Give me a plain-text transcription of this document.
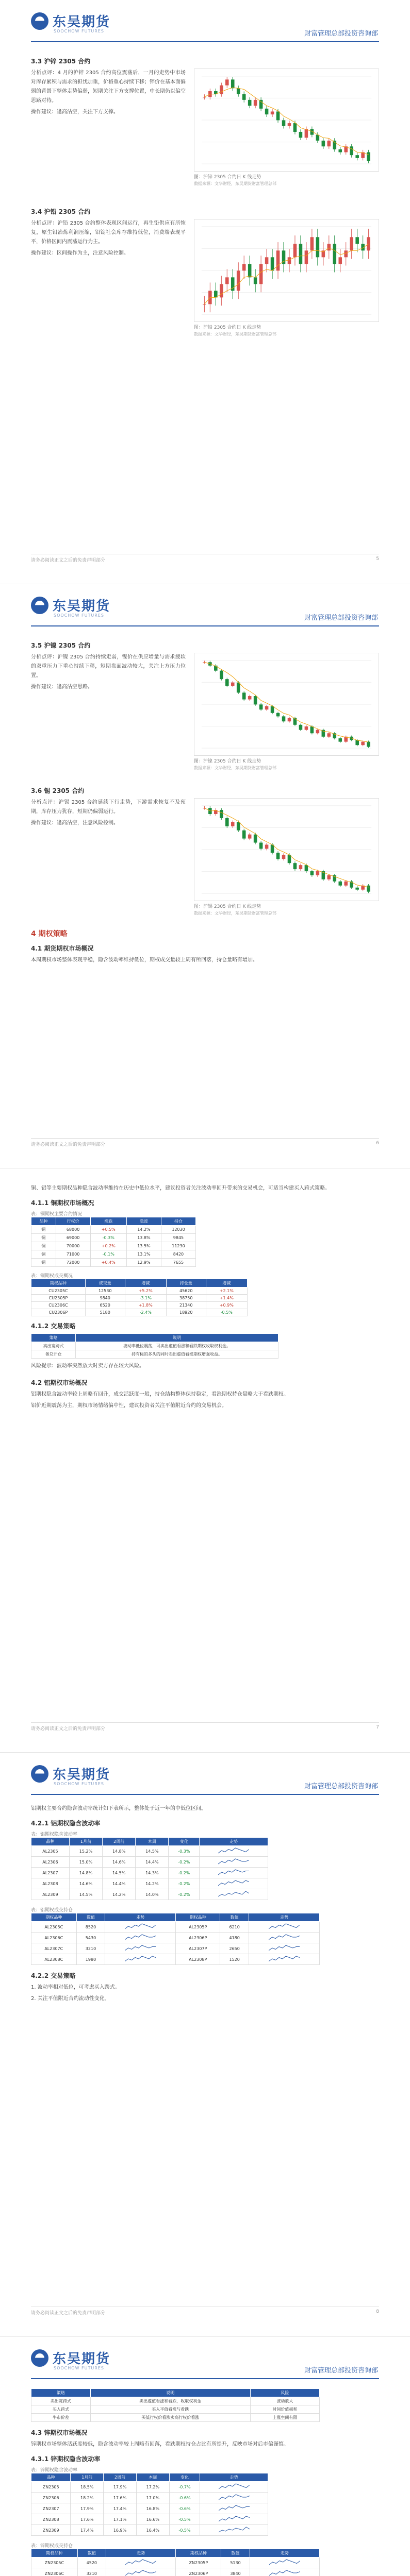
东吴期货
SOOCHOW FUTURES	财富管理总部投资咨询部
3.3 沪锌 2305 合约

分析点评：4 月的沪锌 2305 合约高位震荡后，一月的走势中市场对库存累积与需求的担忧加重，价格重心持续下移；锌价在基本面偏弱的背景下整体走势偏弱，短期关注下方支撑位置，中长期仍以偏空思路对待。

操作建议：逢高沽空，关注下方支撑。

图：沪锌 2305 合约日 K 线走势
数据来源：文华财经，东吴期货财富管理总部
3.4 沪铅 2305 合约

分析点评：沪铅 2305 合约整体表现区间运行，再生铅供应有所恢复，原生铅冶炼利润压缩，铅锭社会库存维持低位，消费端表现平平，价格区间内震荡运行为主。

操作建议：区间操作为主，注意风险控制。

图：沪铅 2305 合约日 K 线走势
数据来源：文华财经，东吴期货财富管理总部
请务必阅读正文之后的免责声明部分	5
东吴期货
SOOCHOW FUTURES	财富管理总部投资咨询部
3.5 沪镍 2305 合约

分析点评：沪镍 2305 合约持续走弱，镍价在供应增量与需求疲软的双重压力下重心持续下移，短期盘面波动较大，关注上方压力位置。

操作建议：逢高沽空思路。

图：沪镍 2305 合约日 K 线走势
数据来源：文华财经，东吴期货财富管理总部
3.6 锡 2305 合约

分析点评：沪锡 2305 合约延续下行走势，下游需求恢复不及预期，库存压力犹存，短期仍偏弱运行。

操作建议：逢高沽空，注意风险控制。

图：沪锡 2305 合约日 K 线走势
数据来源：文华财经，东吴期货财富管理总部
4 期权策略
4.1 期货期权市场概况

本周期权市场整体表现平稳，隐含波动率维持低位，期权成交量较上周有所回落，持仓量略有增加。

请务必阅读正文之后的免责声明部分	6

铜、铝等主要期权品种隐含波动率维持在历史中低位水平，建议投资者关注波动率回升带来的交易机会，可适当构建买入跨式策略。

4.1.1 铜期权市场概况
表：铜期权主要合约情况
品种	行权价	涨跌	隐波	持仓
铜	68000	+0.5%	14.2%	12030
铜	69000	-0.3%	13.8%	9845
铜	70000	+0.2%	13.5%	11230
铜	71000	-0.1%	13.1%	8420
铜	72000	+0.4%	12.9%	7655
表：铜期权成交概况
期权品种	成交量	增减	持仓量	增减
CU2305C	12530	+5.2%	45620	+2.1%
CU2305P	9840	-3.1%	38750	+1.4%
CU2306C	6520	+1.8%	21340	+0.9%
CU2306P	5180	-2.4%	18920	-0.5%
4.1.2 交易策略
策略	说明
卖出宽跨式	波动率低位震荡，可卖出虚值看涨和看跌期权收取权利金。
备兑开仓	持有标的多头的同时卖出虚值看涨期权增强收益。

风险提示：波动率突然放大时卖方存在较大风险。

4.2 铝期权市场概况

铝期权隐含波动率较上周略有回升，成交活跃度一般，持仓结构整体保持稳定，看涨期权持仓量略大于看跌期权。

铝价近期震荡为主，期权市场情绪偏中性，建议投资者关注平值附近合约的交易机会。

请务必阅读正文之后的免责声明部分	7
东吴期货
SOOCHOW FUTURES	财富管理总部投资咨询部

铝期权主要合约隐含波动率统计如下表所示，整体处于近一年的中低位区间。

4.2.1 铝期权隐含波动率
表：铝期权隐含波动率
品种	1月前	2周前	本周	变化	走势
AL2305	15.2%	14.8%	14.5%	-0.3%	
AL2306	15.0%	14.6%	14.4%	-0.2%	
AL2307	14.8%	14.5%	14.3%	-0.2%	
AL2308	14.6%	14.4%	14.2%	-0.2%	
AL2309	14.5%	14.2%	14.0%	-0.2%	
表：铝期权成交持仓
期权品种	数值	走势	期权品种	数值	走势
AL2305C	8520		AL2305P	6210	
AL2306C	5430		AL2306P	4180	
AL2307C	3210		AL2307P	2650	
AL2308C	1980		AL2308P	1520	
4.2.2 交易策略

1. 波动率相对低位，可考虑买入跨式。

2. 关注平值附近合约流动性变化。

请务必阅读正文之后的免责声明部分	8
东吴期货
SOOCHOW FUTURES	财富管理总部投资咨询部
策略	说明	风险
卖出宽跨式	卖出虚值看涨和看跌，收取权利金	波动放大
买入跨式	买入平值看涨与看跌	时间价值损耗
牛市价差	买低行权价看涨卖高行权价看涨	上涨空间有限
4.3 锌期权市场概况

锌期权市场整体活跃度较低，隐含波动率较上周略有回落，看跌期权持仓占比有所提升，反映市场对后市偏谨慎。

4.3.1 锌期权隐含波动率
表：锌期权隐含波动率
品种	1月前	2周前	本周	变化	走势
ZN2305	18.5%	17.9%	17.2%	-0.7%	
ZN2306	18.2%	17.6%	17.0%	-0.6%	
ZN2307	17.9%	17.4%	16.8%	-0.6%	
ZN2308	17.6%	17.1%	16.6%	-0.5%	
ZN2309	17.4%	16.9%	16.4%	-0.5%	
表：锌期权成交持仓
期权品种	数值	走势	期权品种	数值	走势
ZN2305C	4520		ZN2305P	5130	
ZN2306C	3210		ZN2306P	3840	
